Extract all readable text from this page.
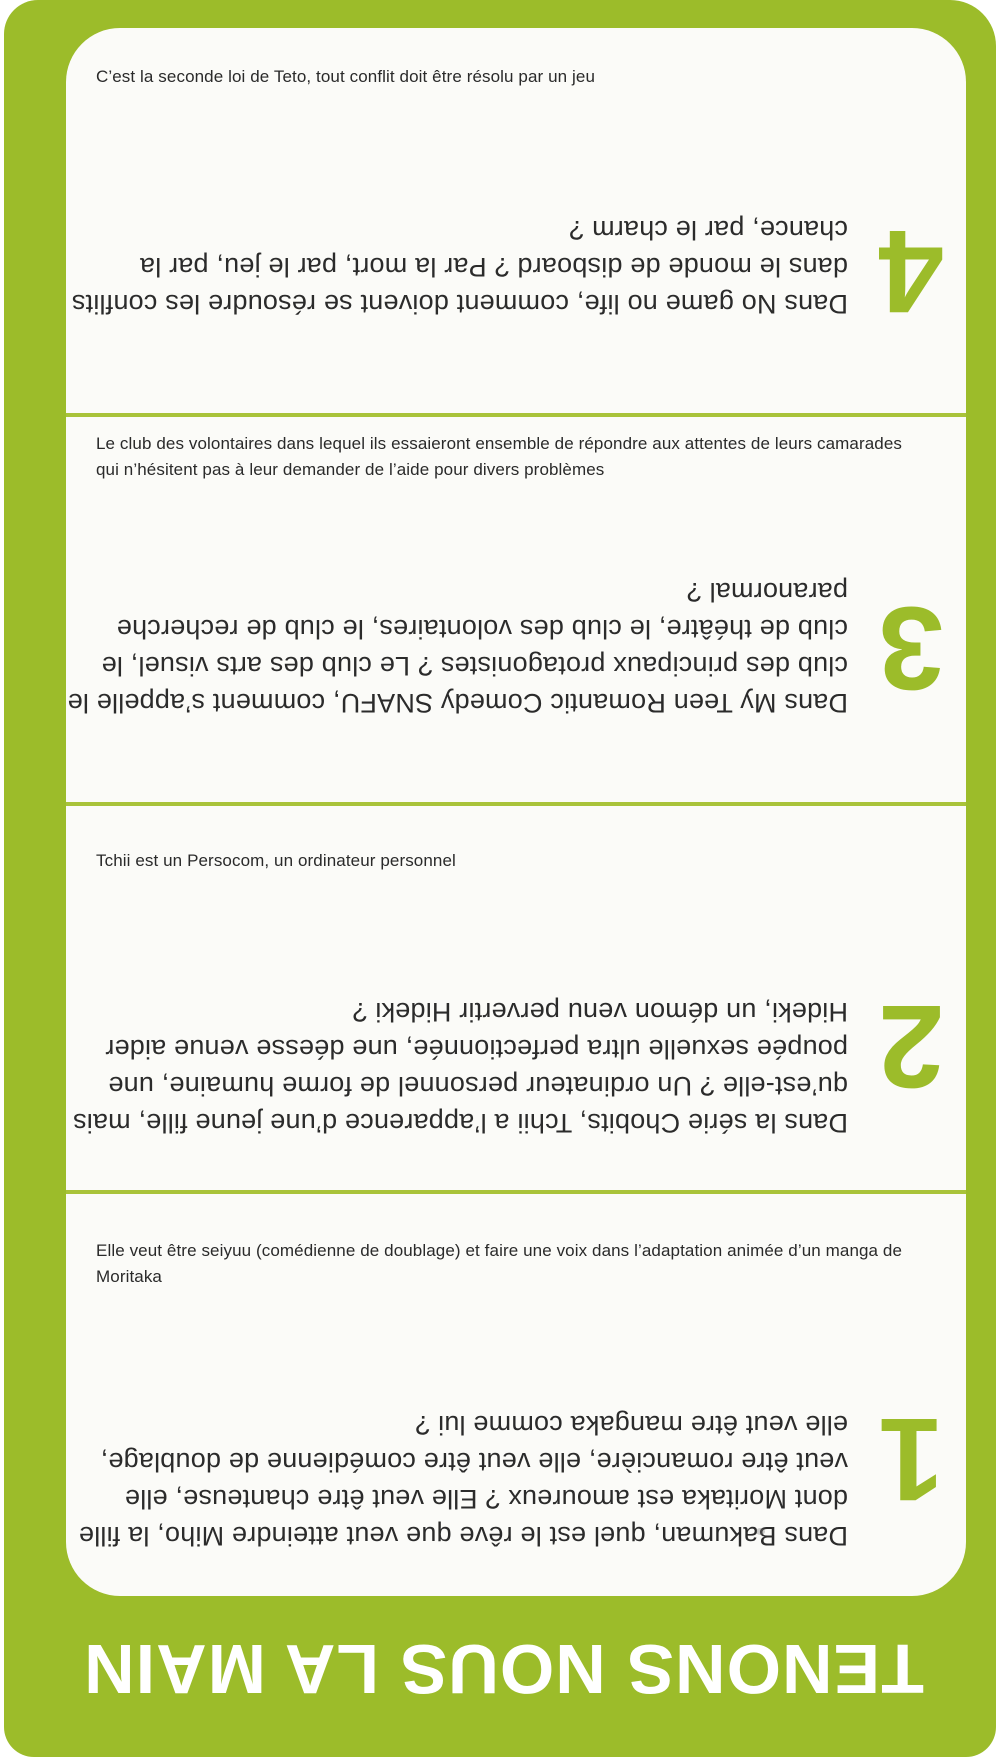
C’est la seconde loi de Teto, tout conflit doit être résolu par un jeu
4
Dans No game no life, comment doivent se résoudre les conflits dans le monde de disboard ? Par la mort, par le jeu, par la chance, par le charm ?
Le club des volontaires dans lequel ils essaieront ensemble de répondre aux attentes de leurs camarades qui n’hésitent pas à leur demander de l’aide pour divers problèmes
3
Dans My Teen Romantic Comedy SNAFU, comment s’appelle le club des principaux protagonistes ? Le club des arts visuel, le club de théâtre, le club des volontaires, le club de recherche paranormal ?
Tchii est un Persocom, un ordinateur personnel
2
Dans la série Chobits, Tchii a l’apparence d’une jeune fille, mais qu’est-elle ? Un ordinateur personnel de forme humaine, une poupée sexuelle ultra perfectionnée, une déesse venue aider Hideki, un démon venu pervertir Hideki ?
Elle veut être seiyuu (comédienne de doublage) et faire une voix dans l’adaptation animée d’un manga de Moritaka
1
Dans Bakuman, quel est le rêve que veut atteindre Miho, la fille dont Moritaka est amoureux ? Elle veut être chanteuse, elle veut être romancière, elle veut être comédienne de doublage, elle veut être mangaka comme lui ?
TENONS NOUS LA MAIN
